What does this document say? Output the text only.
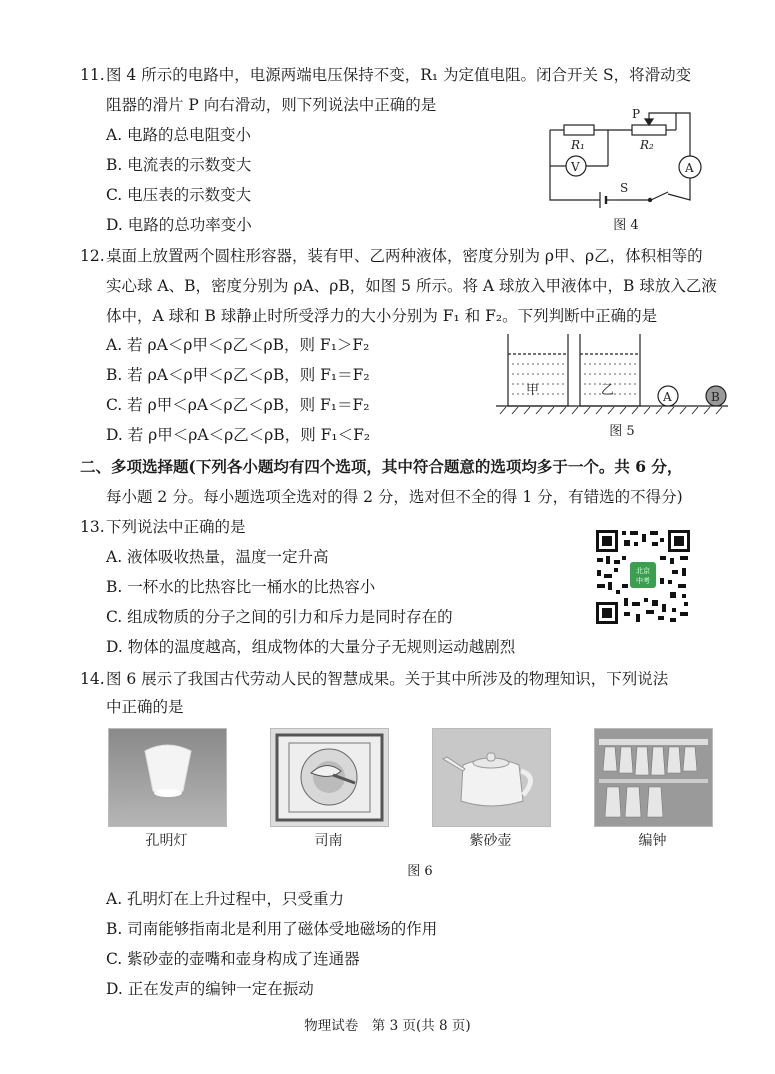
11. 图 4 所示的电路中，电源两端电压保持不变，R₁ 为定值电阻。闭合开关 S，将滑动变
阻器的滑片 P 向右滑动，则下列说法中正确的是
A. 电路的总电阻变小
B. 电流表的示数变大
C. 电压表的示数变大
D. 电路的总功率变小
P
R₁	R₂
V	A
S
图 4
12. 桌面上放置两个圆柱形容器，装有甲、乙两种液体，密度分别为 ρ甲、ρ乙，体积相等的
实心球 A、B，密度分别为 ρA、ρB，如图 5 所示。将 A 球放入甲液体中，B 球放入乙液
体中，A 球和 B 球静止时所受浮力的大小分别为 F₁ 和 F₂。下列判断中正确的是
A. 若 ρA＜ρ甲＜ρ乙＜ρB，则 F₁＞F₂
B. 若 ρA＜ρ甲＜ρ乙＜ρB，则 F₁＝F₂
C. 若 ρ甲＜ρA＜ρ乙＜ρB，则 F₁＝F₂
D. 若 ρ甲＜ρA＜ρ乙＜ρB，则 F₁＜F₂
甲	乙	A	B
图 5
二、多项选择题(下列各小题均有四个选项，其中符合题意的选项均多于一个。共 6 分，
每小题 2 分。每小题选项全选对的得 2 分，选对但不全的得 1 分，有错选的不得分)
13. 下列说法中正确的是
A. 液体吸收热量，温度一定升高
B. 一杯水的比热容比一桶水的比热容小
C. 组成物质的分子之间的引力和斥力是同时存在的
D. 物体的温度越高，组成物体的大量分子无规则运动越剧烈
北京
中考
14. 图 6 展示了我国古代劳动人民的智慧成果。关于其中所涉及的物理知识，下列说法
中正确的是
孔明灯	司南	紫砂壶	编钟
图 6
A. 孔明灯在上升过程中，只受重力
B. 司南能够指南北是利用了磁体受地磁场的作用
C. 紫砂壶的壶嘴和壶身构成了连通器
D. 正在发声的编钟一定在振动
物理试卷　第 3 页(共 8 页)
